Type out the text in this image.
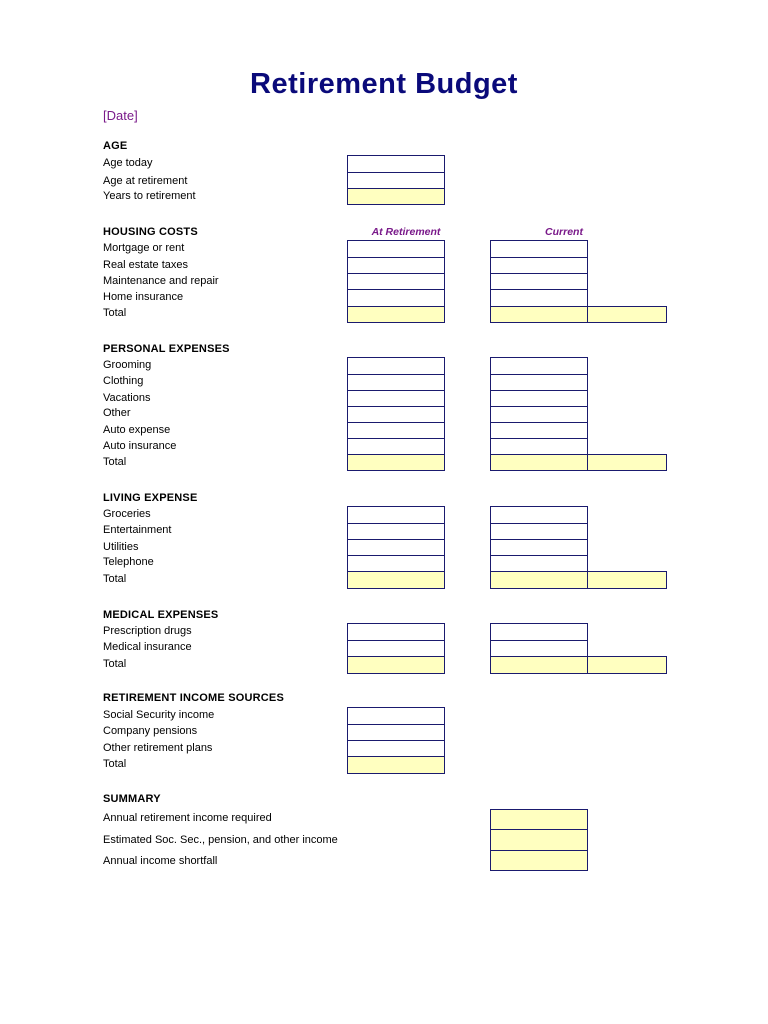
Retirement Budget
[Date]
AGE
Age today
Age at retirement
Years to retirement
HOUSING COSTS	At Retirement	Current
Mortgage or rent
Real estate taxes
Maintenance and repair
Home insurance
Total
PERSONAL EXPENSES
Grooming
Clothing
Vacations
Other
Auto expense
Auto insurance
Total
LIVING EXPENSE
Groceries
Entertainment
Utilities
Telephone
Total
MEDICAL EXPENSES
Prescription drugs
Medical insurance
Total
RETIREMENT INCOME SOURCES
Social Security income
Company pensions
Other retirement plans
Total
SUMMARY
Annual retirement income required
Estimated Soc. Sec., pension, and other income
Annual income shortfall
